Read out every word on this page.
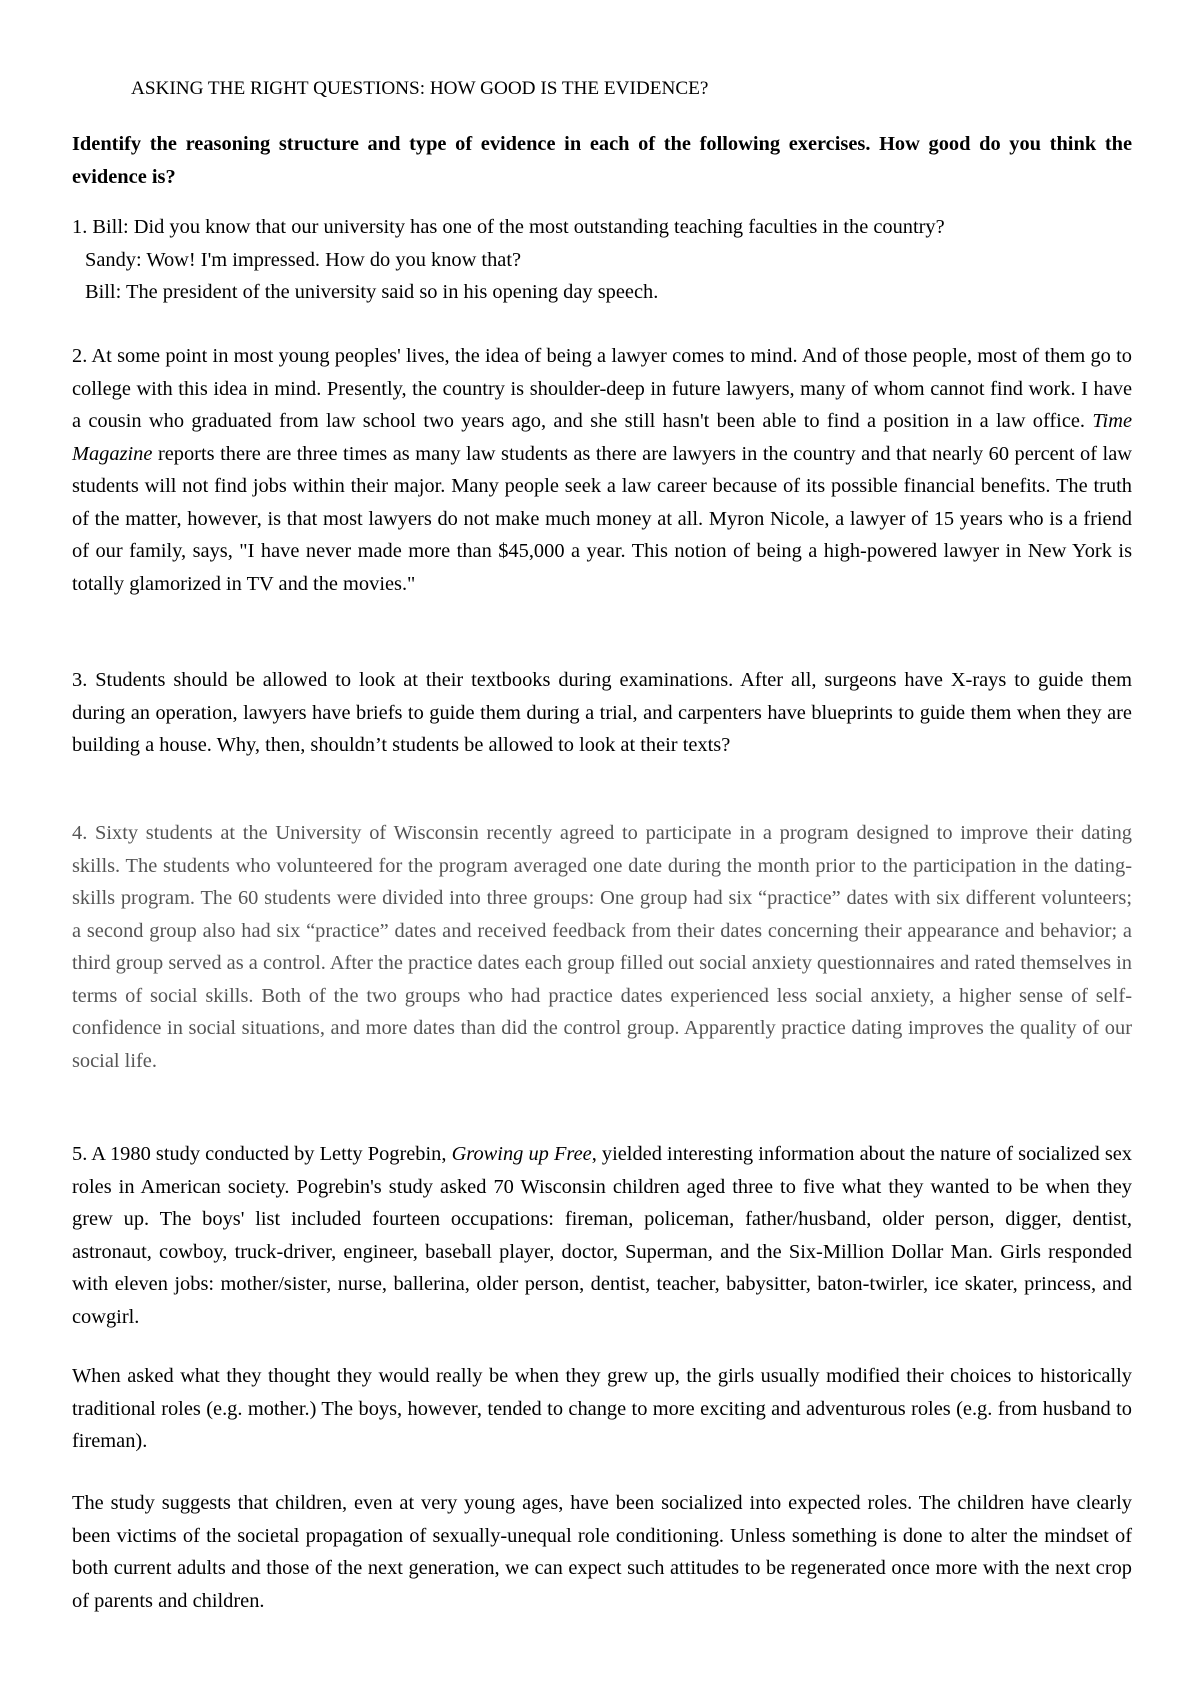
ASKING THE RIGHT QUESTIONS: HOW GOOD IS THE EVIDENCE?

Identify the reasoning structure and type of evidence in each of the following exercises. How good do you think the evidence is?

1. Bill: Did you know that our university has one of the most outstanding teaching faculties in the country?
Sandy: Wow! I'm impressed. How do you know that?
Bill: The president of the university said so in his opening day speech.

2. At some point in most young peoples' lives, the idea of being a lawyer comes to mind. And of those people, most of them go to college with this idea in mind. Presently, the country is shoulder-deep in future lawyers, many of whom cannot find work. I have a cousin who graduated from law school two years ago, and she still hasn't been able to find a position in a law office. Time Magazine reports there are three times as many law students as there are lawyers in the country and that nearly 60 percent of law students will not find jobs within their major. Many people seek a law career because of its possible financial benefits. The truth of the matter, however, is that most lawyers do not make much money at all. Myron Nicole, a lawyer of 15 years who is a friend of our family, says, "I have never made more than $45,000 a year. This notion of being a high-powered lawyer in New York is totally glamorized in TV and the movies."

3. Students should be allowed to look at their textbooks during examinations. After all, surgeons have X-rays to guide them during an operation, lawyers have briefs to guide them during a trial, and carpenters have blueprints to guide them when they are building a house. Why, then, shouldn’t students be allowed to look at their texts?

4. Sixty students at the University of Wisconsin recently agreed to participate in a program designed to improve their dating skills. The students who volunteered for the program averaged one date during the month prior to the participation in the dating-skills program. The 60 students were divided into three groups: One group had six “practice” dates with six different volunteers; a second group also had six “practice” dates and received feedback from their dates concerning their appearance and behavior; a third group served as a control. After the practice dates each group filled out social anxiety questionnaires and rated themselves in terms of social skills. Both of the two groups who had practice dates experienced less social anxiety, a higher sense of self-confidence in social situations, and more dates than did the control group. Apparently practice dating improves the quality of our social life.

5. A 1980 study conducted by Letty Pogrebin, Growing up Free, yielded interesting information about the nature of socialized sex roles in American society. Pogrebin's study asked 70 Wisconsin children aged three to five what they wanted to be when they grew up. The boys' list included fourteen occupations: fireman, policeman, father/husband, older person, digger, dentist, astronaut, cowboy, truck-driver, engineer, baseball player, doctor, Superman, and the Six-Million Dollar Man. Girls responded with eleven jobs: mother/sister, nurse, ballerina, older person, dentist, teacher, babysitter, baton-twirler, ice skater, princess, and cowgirl.

When asked what they thought they would really be when they grew up, the girls usually modified their choices to historically traditional roles (e.g. mother.) The boys, however, tended to change to more exciting and adventurous roles (e.g. from husband to fireman).

The study suggests that children, even at very young ages, have been socialized into expected roles. The children have clearly been victims of the societal propagation of sexually-unequal role conditioning. Unless something is done to alter the mindset of both current adults and those of the next generation, we can expect such attitudes to be regenerated once more with the next crop of parents and children.
